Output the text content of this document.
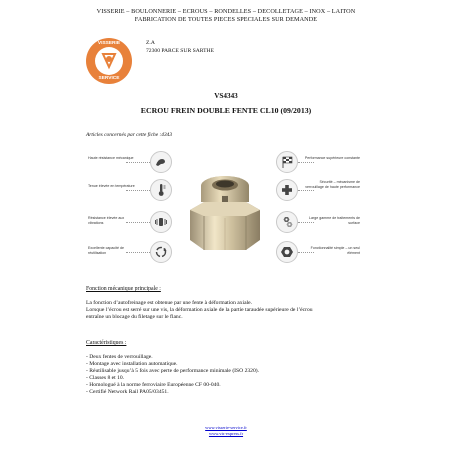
VISSERIE – BOULONNERIE – ECROUS – RONDELLES – DECOLLETAGE – INOX – LAITON
FABRICATION DE TOUTES PIECES SPECIALES SUR DEMANDE
VISSERIE
SERVICE
Z.A
72300 PARCE SUR SARTHE
VS4343
ECROU FREIN DOUBLE FENTE CL10 (09/2013)
Articles concernés par cette fiche :4343
Haute résistance mécanique
Tenue élevée en température
Résistance élevée aux vibrations
Excellente capacité de réutilisation
Performance supérieure constante
Sécurité – mécanisme de verrouillage de haute performance
Large gamme de traitements de surface
Fonctionnalité simple – un seul élément
Fonction mécanique principale :
La fonction d’autofreinage est obtenue par une fente à déformation axiale.
Lorsque l’écrou est serré sur une vis, la déformation axiale de la partie taraudée supérieure de l’écrou
entraîne un blocage du filetage sur le flanc.
Caractéristiques :
- Deux fentes de verrouillage.
- Montage avec installation automatique.
- Réutilisable jusqu’à 5 fois avec perte de performance minimale (ISO 2320).
- Classes 8 et 10.
- Homologué à la norme ferroviaire Européenne CF 00-040.
- Certifié Network Rail PA05/03451.
www.visserie-service.fr
www.vis-express.fr
